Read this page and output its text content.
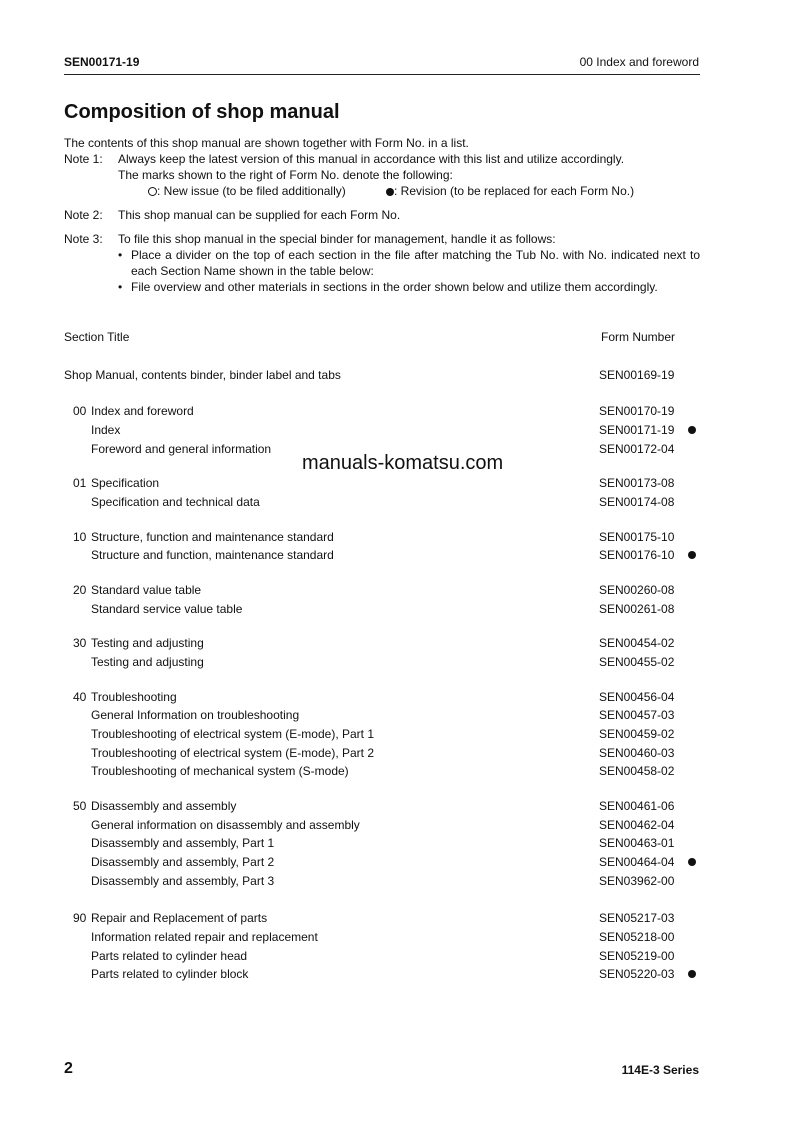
SEN00171-19	00 Index and foreword
Composition of shop manual
The contents of this shop manual are shown together with Form No. in a list.
Note 1: Always keep the latest version of this manual in accordance with this list and utilize accordingly.
The marks shown to the right of Form No. denote the following:
: New issue (to be filed additionally)	: Revision (to be replaced for each Form No.)
Note 2: This shop manual can be supplied for each Form No.
Note 3: To file this shop manual in the special binder for management, handle it as follows:
• Place a divider on the top of each section in the file after matching the Tub No. with No. indicated next to each Section Name shown in the table below:
• File overview and other materials in sections in the order shown below and utilize them accordingly.
Section Title	Form Number
Shop Manual, contents binder, binder label and tabs	SEN00169-19
00 Index and foreword	SEN00170-19
Index	SEN00171-19
Foreword and general information	SEN00172-04
01 Specification	SEN00173-08
Specification and technical data	SEN00174-08
10 Structure, function and maintenance standard	SEN00175-10
Structure and function, maintenance standard	SEN00176-10
20 Standard value table	SEN00260-08
Standard service value table	SEN00261-08
30 Testing and adjusting	SEN00454-02
Testing and adjusting	SEN00455-02
40 Troubleshooting	SEN00456-04
General Information on troubleshooting	SEN00457-03
Troubleshooting of electrical system (E-mode), Part 1	SEN00459-02
Troubleshooting of electrical system (E-mode), Part 2	SEN00460-03
Troubleshooting of mechanical system (S-mode)	SEN00458-02
50 Disassembly and assembly	SEN00461-06
General information on disassembly and assembly	SEN00462-04
Disassembly and assembly, Part 1	SEN00463-01
Disassembly and assembly, Part 2	SEN00464-04
Disassembly and assembly, Part 3	SEN03962-00
90 Repair and Replacement of parts	SEN05217-03
Information related repair and replacement	SEN05218-00
Parts related to cylinder head	SEN05219-00
Parts related to cylinder block	SEN05220-03
manuals-komatsu.com
2	114E-3 Series
